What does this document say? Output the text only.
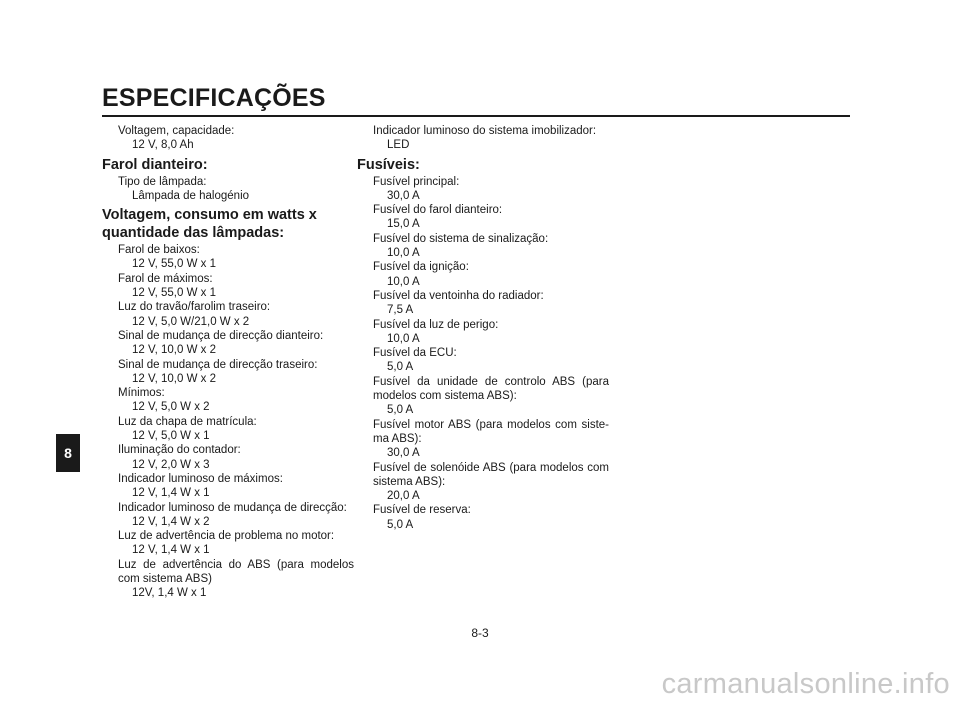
ESPECIFICAÇÕES
Voltagem, capacidade:
12 V, 8,0 Ah
Farol dianteiro:
Tipo de lâmpada:
Lâmpada de halogénio
Voltagem, consumo em watts x
quantidade das lâmpadas:
Farol de baixos:
12 V, 55,0 W x 1
Farol de máximos:
12 V, 55,0 W x 1
Luz do travão/farolim traseiro:
12 V, 5,0 W/21,0 W x 2
Sinal de mudança de direcção dianteiro:
12 V, 10,0 W x 2
Sinal de mudança de direcção traseiro:
12 V, 10,0 W x 2
Mínimos:
12 V, 5,0 W x 2
Luz da chapa de matrícula:
12 V, 5,0 W x 1
Iluminação do contador:
12 V, 2,0 W x 3
Indicador luminoso de máximos:
12 V, 1,4 W x 1
Indicador luminoso de mudança de direcção:
12 V, 1,4 W x 2
Luz de advertência de problema no motor:
12 V, 1,4 W x 1
Luz de advertência do ABS (para modelos com sistema ABS)
12V, 1,4 W x 1
Indicador luminoso do sistema imobilizador:
LED
Fusíveis:
Fusível principal:
30,0 A
Fusível do farol dianteiro:
15,0 A
Fusível do sistema de sinalização:
10,0 A
Fusível da ignição:
10,0 A
Fusível da ventoinha do radiador:
7,5 A
Fusível da luz de perigo:
10,0 A
Fusível da ECU:
5,0 A
Fusível da unidade de controlo ABS (para modelos com sistema ABS):
5,0 A
Fusível motor ABS (para modelos com siste-ma ABS):
30,0 A
Fusível de solenóide ABS (para modelos com sistema ABS):
20,0 A
Fusível de reserva:
5,0 A
8
8-3
carmanualsonline.info
